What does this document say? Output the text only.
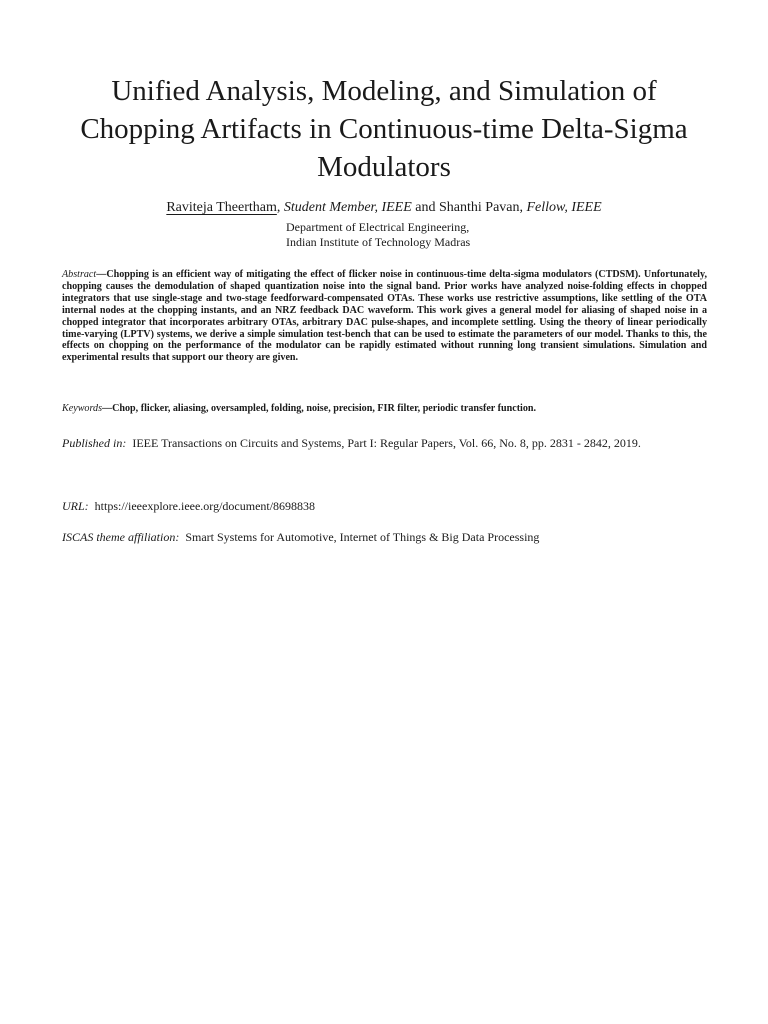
Unified Analysis, Modeling, and Simulation of
Chopping Artifacts in Continuous-time Delta-Sigma
Modulators
Raviteja Theertham, Student Member, IEEE and Shanthi Pavan, Fellow, IEEE
Department of Electrical Engineering,
Indian Institute of Technology Madras

Abstract—Chopping is an efficient way of mitigating the effect of flicker noise in continuous-time delta-sigma modulators (CTDSM). Unfortunately, chopping causes the demodulation of shaped quantization noise into the signal band. Prior works have analyzed noise-folding effects in chopped integrators that use single-stage and two-stage feedforward-compensated OTAs. These works use restrictive assumptions, like settling of the OTA internal nodes at the chopping instants, and an NRZ feedback DAC waveform. This work gives a general model for aliasing of shaped noise in a chopped integrator that incorporates arbitrary OTAs, arbitrary DAC pulse-shapes, and incomplete settling. Using the theory of linear periodically time-varying (LPTV) systems, we derive a simple simulation test-bench that can be used to estimate the parameters of our model. Thanks to this, the effects on chopping on the performance of the modulator can be rapidly estimated without running long transient simulations. Simulation and experimental results that support our theory are given.

Keywords—Chop, flicker, aliasing, oversampled, folding, noise, precision, FIR filter, periodic transfer function.

Published in: IEEE Transactions on Circuits and Systems, Part I: Regular Papers, Vol. 66, No. 8, pp. 2831 - 2842, 2019.

URL: https://ieeexplore.ieee.org/document/8698838

ISCAS theme affiliation: Smart Systems for Automotive, Internet of Things & Big Data Processing
